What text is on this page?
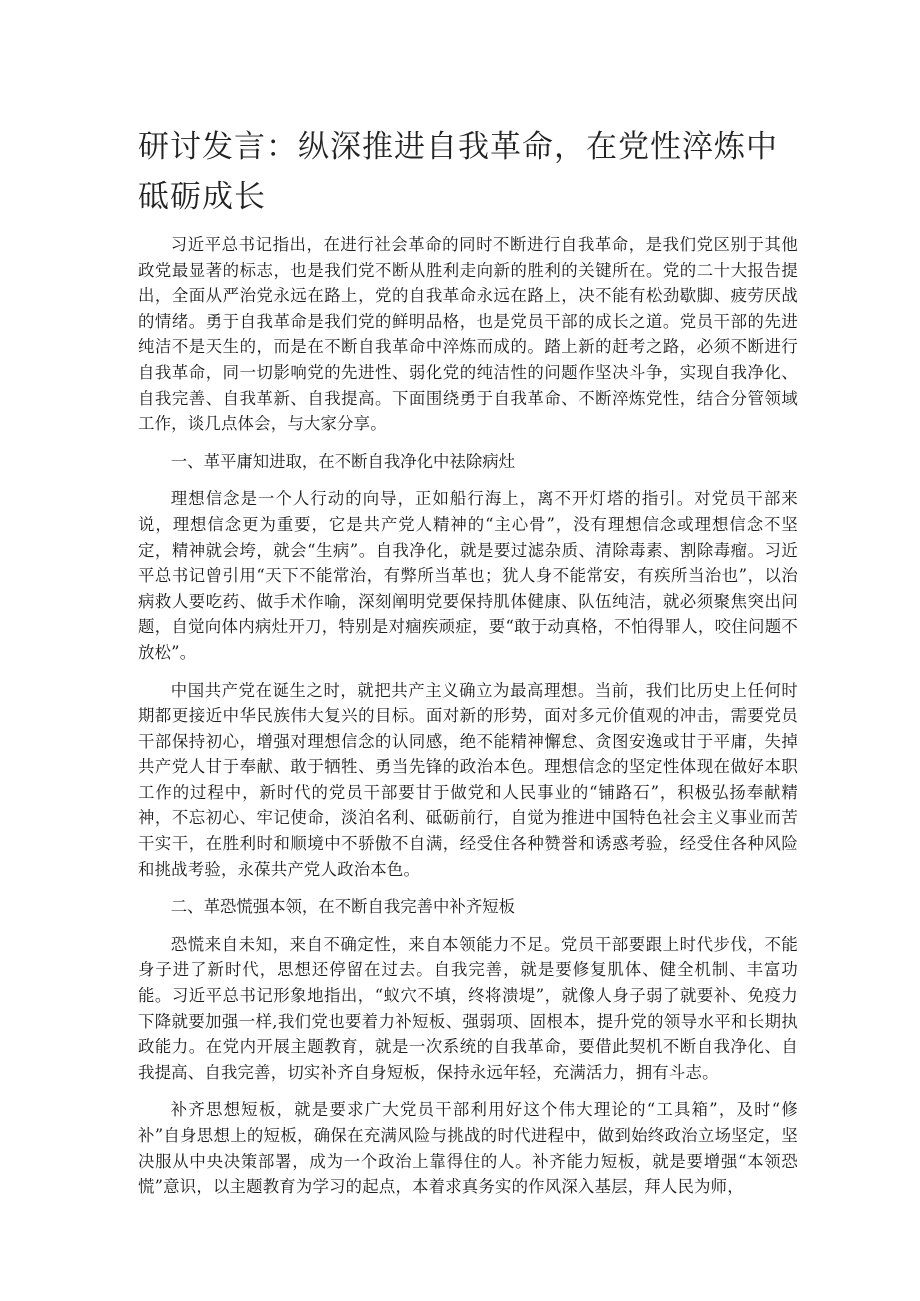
研讨发言：纵深推进自我革命，在党性淬炼中砥砺成长

习近平总书记指出，在进行社会革命的同时不断进行自我革命，是我们党区别于其他政党最显著的标志，也是我们党不断从胜利走向新的胜利的关键所在。党的二十大报告提出，全面从严治党永远在路上，党的自我革命永远在路上，决不能有松劲歇脚、疲劳厌战的情绪。勇于自我革命是我们党的鲜明品格，也是党员干部的成长之道。党员干部的先进纯洁不是天生的，而是在不断自我革命中淬炼而成的。踏上新的赶考之路，必须不断进行自我革命，同一切影响党的先进性、弱化党的纯洁性的问题作坚决斗争，实现自我净化、自我完善、自我革新、自我提高。下面围绕勇于自我革命、不断淬炼党性，结合分管领域工作，谈几点体会，与大家分享。

一、革平庸知进取，在不断自我净化中祛除病灶

理想信念是一个人行动的向导，正如船行海上，离不开灯塔的指引。对党员干部来说，理想信念更为重要，它是共产党人精神的“主心骨”，没有理想信念或理想信念不坚定，精神就会垮，就会“生病”。自我净化，就是要过滤杂质、清除毒素、割除毒瘤。习近平总书记曾引用“天下不能常治，有弊所当革也；犹人身不能常安，有疾所当治也”，以治病救人要吃药、做手术作喻，深刻阐明党要保持肌体健康、队伍纯洁，就必须聚焦突出问题，自觉向体内病灶开刀，特别是对痼疾顽症，要“敢于动真格，不怕得罪人，咬住问题不放松”。

中国共产党在诞生之时，就把共产主义确立为最高理想。当前，我们比历史上任何时期都更接近中华民族伟大复兴的目标。面对新的形势，面对多元价值观的冲击，需要党员干部保持初心，增强对理想信念的认同感，绝不能精神懈怠、贪图安逸或甘于平庸，失掉共产党人甘于奉献、敢于牺牲、勇当先锋的政治本色。理想信念的坚定性体现在做好本职工作的过程中，新时代的党员干部要甘于做党和人民事业的“铺路石”，积极弘扬奉献精神，不忘初心、牢记使命，淡泊名利、砥砺前行，自觉为推进中国特色社会主义事业而苦干实干，在胜利时和顺境中不骄傲不自满，经受住各种赞誉和诱惑考验，经受住各种风险和挑战考验，永葆共产党人政治本色。

二、革恐慌强本领，在不断自我完善中补齐短板

恐慌来自未知，来自不确定性，来自本领能力不足。党员干部要跟上时代步伐，不能身子进了新时代，思想还停留在过去。自我完善，就是要修复肌体、健全机制、丰富功能。习近平总书记形象地指出，“蚁穴不填，终将溃堤”，就像人身子弱了就要补、免疫力下降就要加强一样,我们党也要着力补短板、强弱项、固根本，提升党的领导水平和长期执政能力。在党内开展主题教育，就是一次系统的自我革命，要借此契机不断自我净化、自我提高、自我完善，切实补齐自身短板，保持永远年轻，充满活力，拥有斗志。

补齐思想短板，就是要求广大党员干部利用好这个伟大理论的“工具箱”，及时“修补”自身思想上的短板，确保在充满风险与挑战的时代进程中，做到始终政治立场坚定，坚决服从中央决策部署，成为一个政治上靠得住的人。补齐能力短板，就是要增强“本领恐慌”意识，以主题教育为学习的起点，本着求真务实的作风深入基层，拜人民为师，
